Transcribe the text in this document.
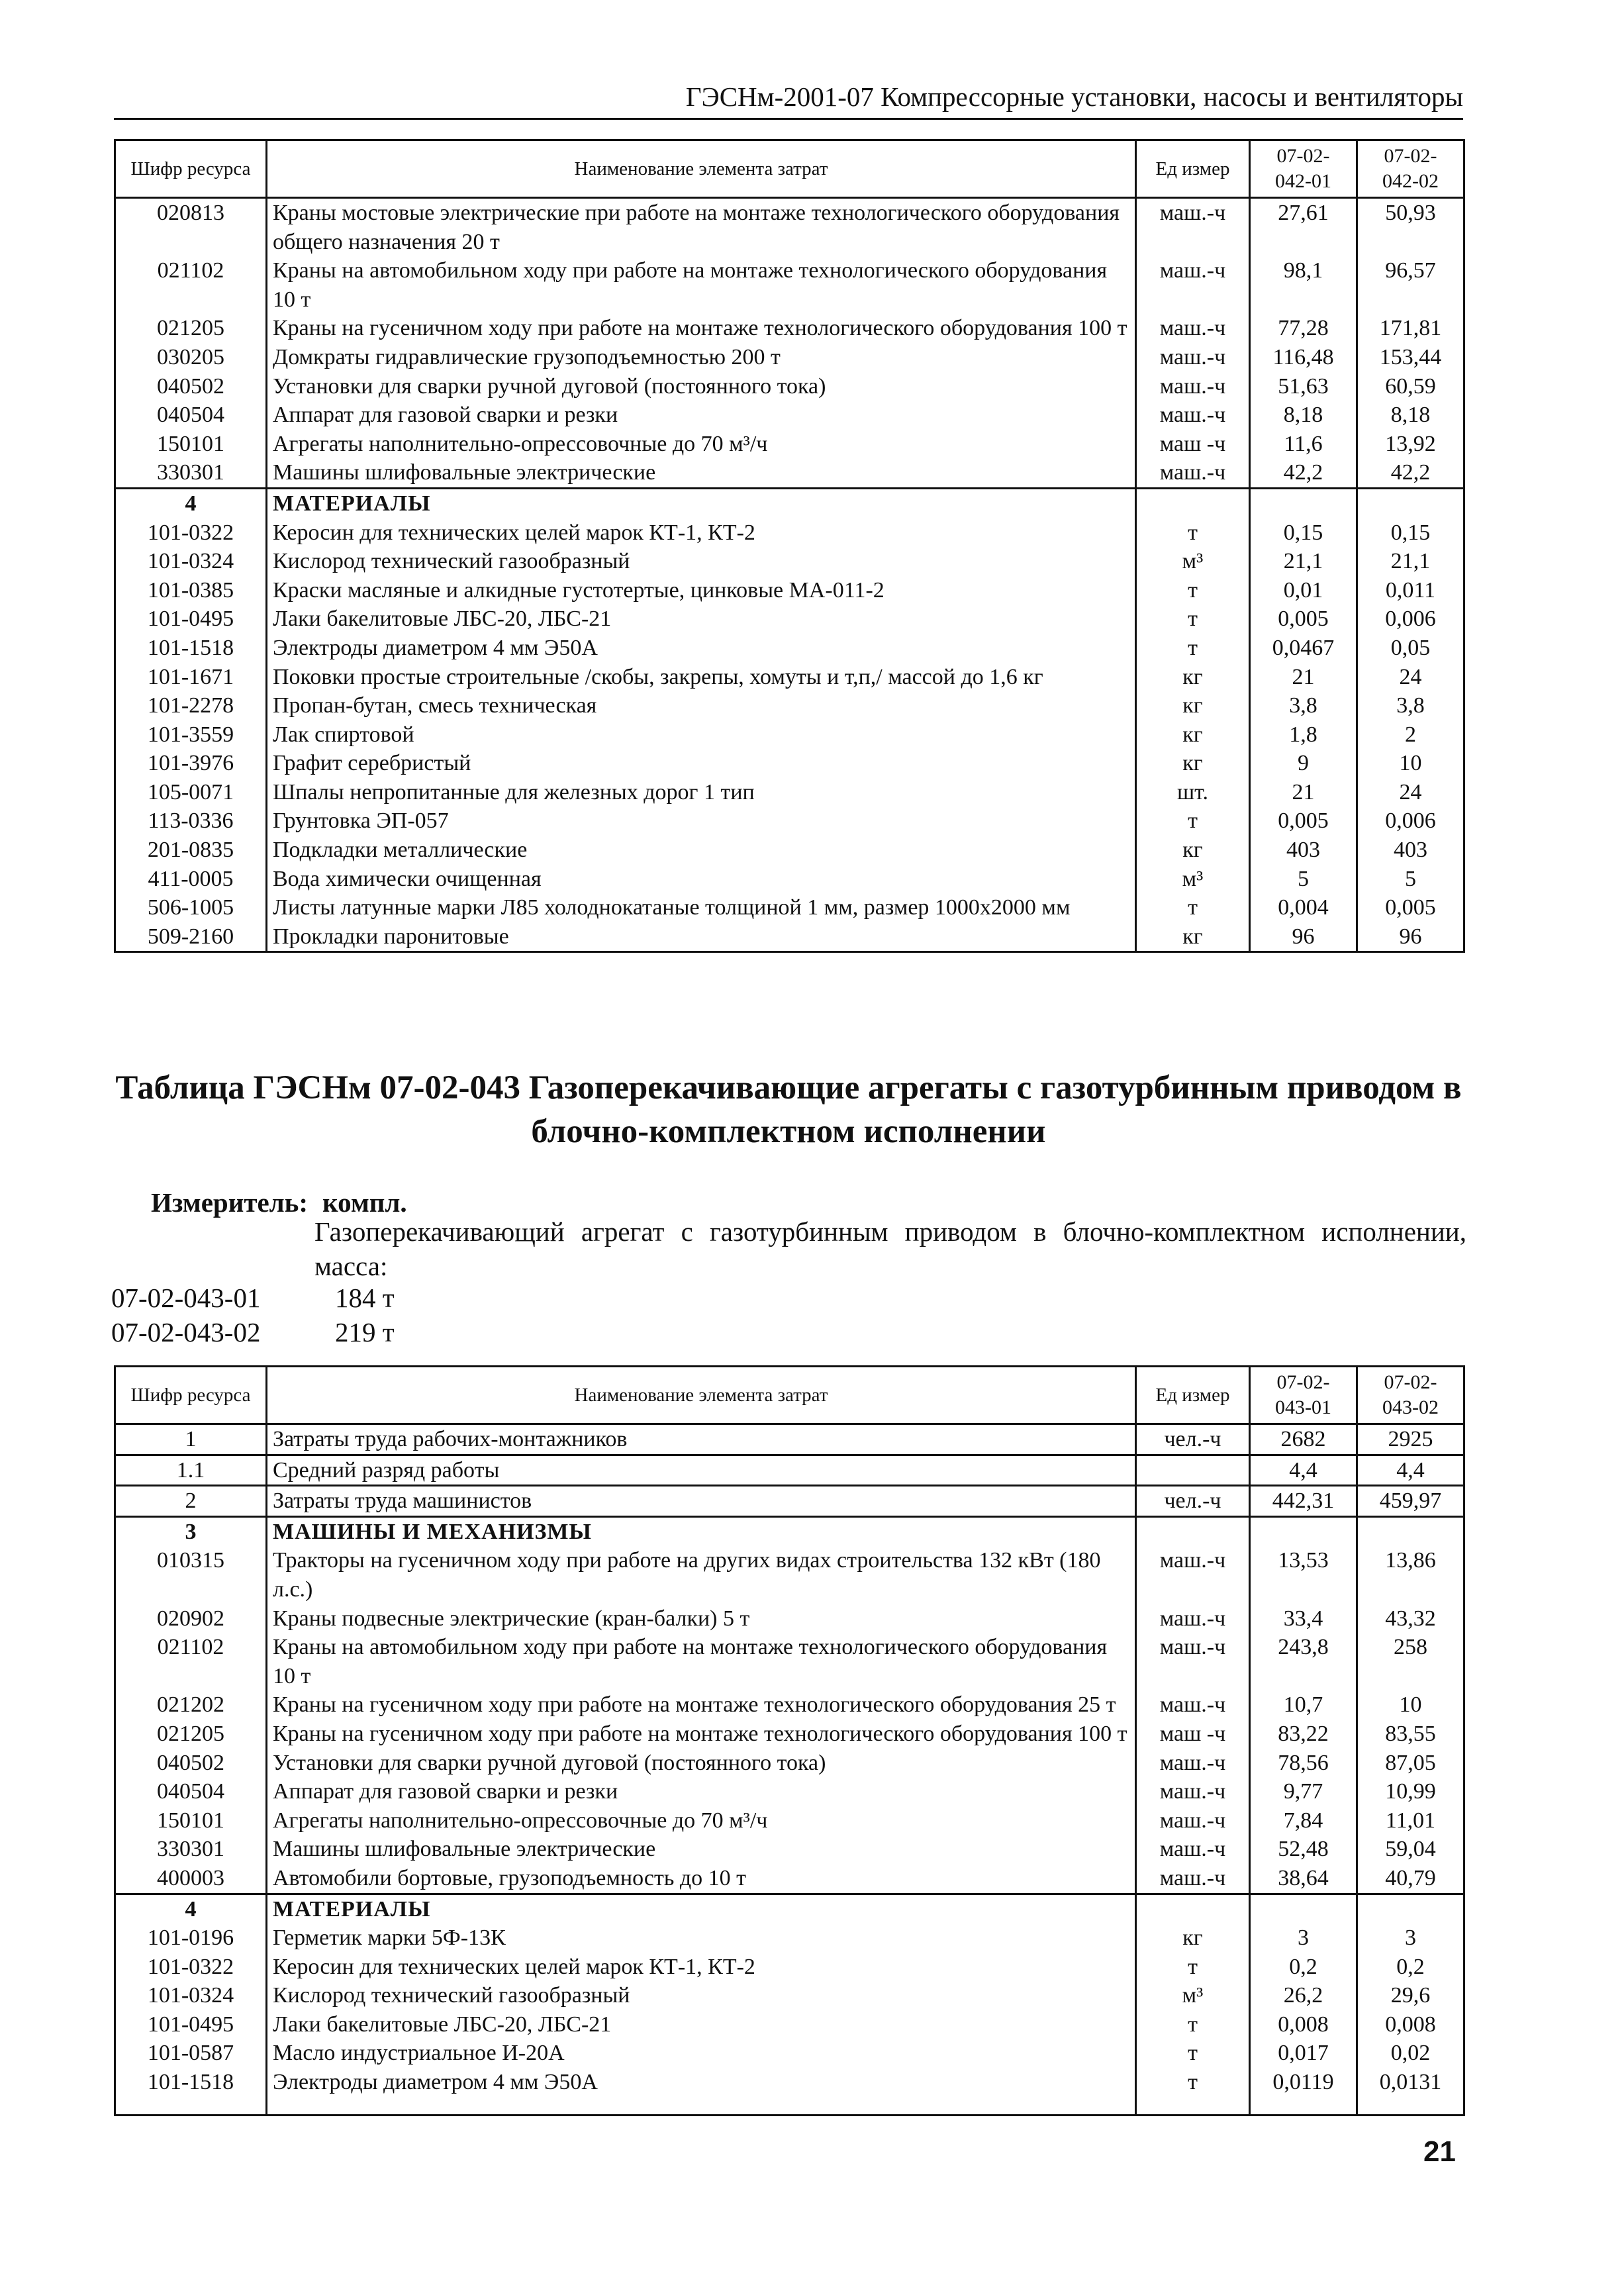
ГЭСНм-2001-07 Компрессорные установки, насосы и вентиляторы
Шифр ресурса	Наименование элемента затрат	Ед измер	07-02-
042-01	07-02-
042-02
020813	Краны мостовые электрические при работе на монтаже технологического оборудования общего назначения 20 т	маш.-ч	27,61	50,93
021102	Краны на автомобильном ходу при работе на монтаже технологического оборудования 10 т	маш.-ч	98,1	96,57
021205	Краны на гусеничном ходу при работе на монтаже технологического оборудования 100 т	маш.-ч	77,28	171,81
030205	Домкраты гидравлические грузоподъемностью 200 т	маш.-ч	116,48	153,44
040502	Установки для сварки ручной дуговой (постоянного тока)	маш.-ч	51,63	60,59
040504	Аппарат для газовой сварки и резки	маш.-ч	8,18	8,18
150101	Агрегаты наполнительно-опрессовочные до 70 м³/ч	маш -ч	11,6	13,92
330301	Машины шлифовальные электрические	маш.-ч	42,2	42,2
4	МАТЕРИАЛЫ			
101-0322	Керосин для технических целей марок КТ-1, КТ-2	т	0,15	0,15
101-0324	Кислород технический газообразный	м³	21,1	21,1
101-0385	Краски масляные и алкидные густотертые, цинковые МА-011-2	т	0,01	0,011
101-0495	Лаки бакелитовые ЛБС-20, ЛБС-21	т	0,005	0,006
101-1518	Электроды диаметром 4 мм Э50А	т	0,0467	0,05
101-1671	Поковки простые строительные /скобы, закрепы, хомуты и т,п,/ массой до 1,6 кг	кг	21	24
101-2278	Пропан-бутан, смесь техническая	кг	3,8	3,8
101-3559	Лак спиртовой	кг	1,8	2
101-3976	Графит серебристый	кг	9	10
105-0071	Шпалы непропитанные для железных дорог 1 тип	шт.	21	24
113-0336	Грунтовка ЭП-057	т	0,005	0,006
201-0835	Подкладки металлические	кг	403	403
411-0005	Вода химически очищенная	м³	5	5
506-1005	Листы латунные марки Л85 холоднокатаные толщиной 1 мм, размер 1000х2000 мм	т	0,004	0,005
509-2160	Прокладки паронитовые	кг	96	96
Таблица ГЭСНм 07-02-043 Газоперекачивающие агрегаты с газотурбинным приводом в блочно-комплектном исполнении
Измеритель: компл.
Газоперекачивающий агрегат с газотурбинным приводом в блочно-комплектном исполнении, масса:
07-02-043-01	184 т
07-02-043-02	219 т
Шифр ресурса	Наименование элемента затрат	Ед измер	07-02-
043-01	07-02-
043-02
1	Затраты труда рабочих-монтажников	чел.-ч	2682	2925
1.1	Средний разряд работы		4,4	4,4
2	Затраты труда машинистов	чел.-ч	442,31	459,97
3	МАШИНЫ И МЕХАНИЗМЫ			
010315	Тракторы на гусеничном ходу при работе на других видах строительства 132 кВт (180 л.с.)	маш.-ч	13,53	13,86
020902	Краны подвесные электрические (кран-балки) 5 т	маш.-ч	33,4	43,32
021102	Краны на автомобильном ходу при работе на монтаже технологического оборудования 10 т	маш.-ч	243,8	258
021202	Краны на гусеничном ходу при работе на монтаже технологического оборудования 25 т	маш.-ч	10,7	10
021205	Краны на гусеничном ходу при работе на монтаже технологического оборудования 100 т	маш -ч	83,22	83,55
040502	Установки для сварки ручной дуговой (постоянного тока)	маш.-ч	78,56	87,05
040504	Аппарат для газовой сварки и резки	маш.-ч	9,77	10,99
150101	Агрегаты наполнительно-опрессовочные до 70 м³/ч	маш.-ч	7,84	11,01
330301	Машины шлифовальные электрические	маш.-ч	52,48	59,04
400003	Автомобили бортовые, грузоподъемность до 10 т	маш.-ч	38,64	40,79
4	МАТЕРИАЛЫ			
101-0196	Герметик марки 5Ф-13К	кг	3	3
101-0322	Керосин для технических целей марок КТ-1, КТ-2	т	0,2	0,2
101-0324	Кислород технический газообразный	м³	26,2	29,6
101-0495	Лаки бакелитовые ЛБС-20, ЛБС-21	т	0,008	0,008
101-0587	Масло индустриальное И-20А	т	0,017	0,02
101-1518	Электроды диаметром 4 мм Э50А	т	0,0119	0,0131

21
